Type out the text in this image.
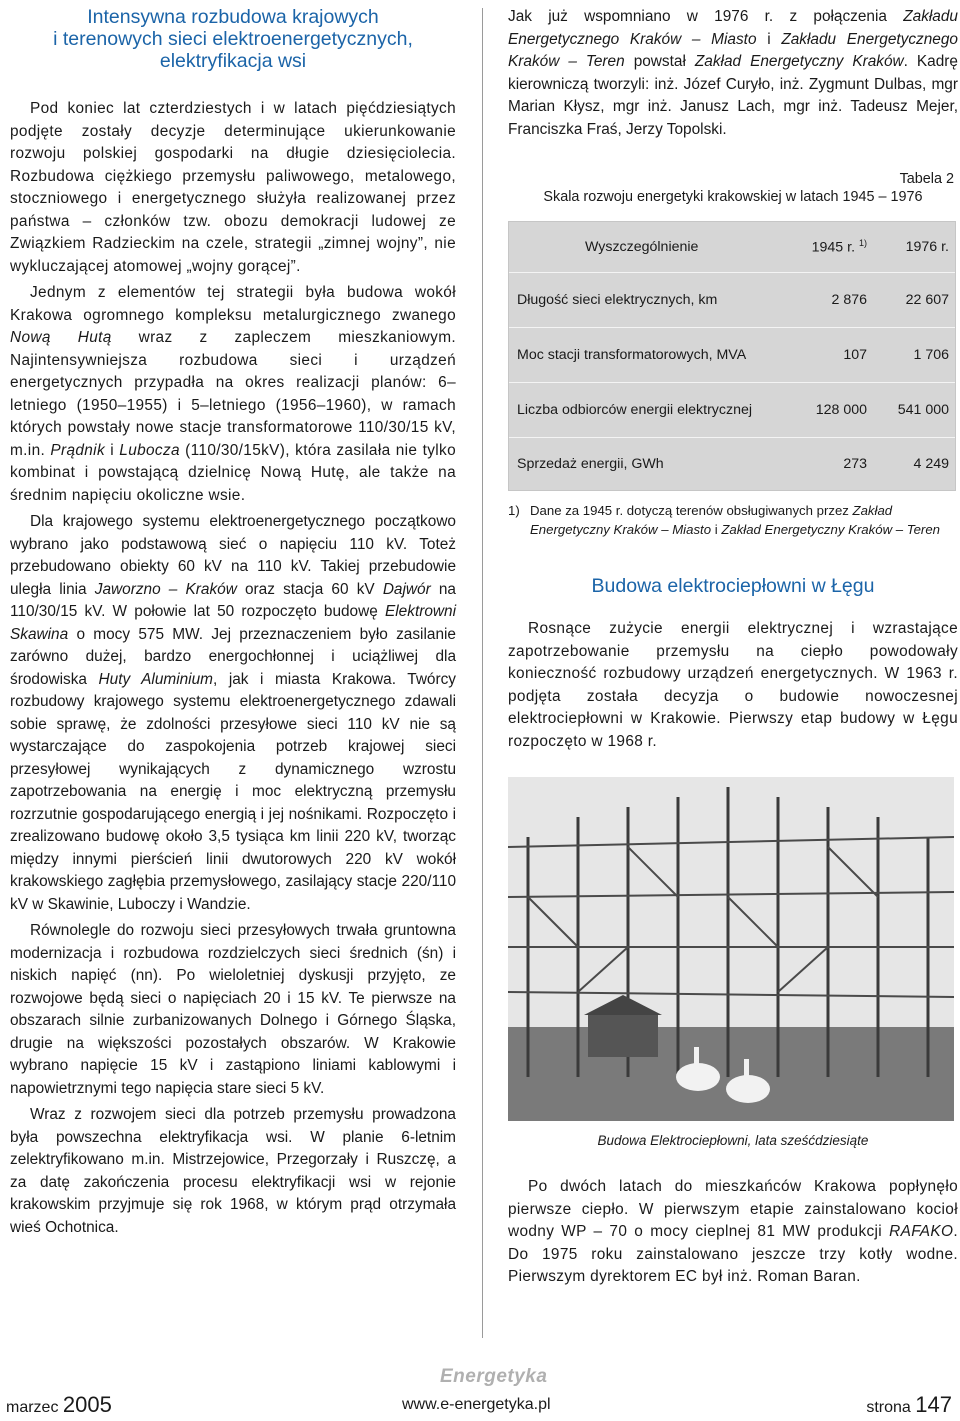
Intensywna rozbudowa krajowych
i terenowych sieci elektroenergetycznych,
elektryfikacja wsi

Pod koniec lat czterdziestych i w latach pięćdziesiątych podjęte zostały decyzje determinujące ukierunkowanie rozwoju polskiej gospodarki na długie dziesięciolecia. Rozbudowa ciężkiego przemysłu paliwowego, metalowego, stoczniowego i energetycznego służyła realizowanej przez państwa – członków tzw. obozu demokracji ludowej ze Związkiem Radzieckim na czele, strategii „zimnej wojny”, nie wykluczającej atomowej „wojny gorącej”.

Jednym z elementów tej strategii była budowa wokół Krakowa ogromnego kompleksu metalurgicznego zwanego Nową Hutą wraz z zapleczem mieszkaniowym. Najintensywniejsza rozbudowa sieci i urządzeń energetycznych przypadła na okres realizacji planów: 6–letniego (1950–1955) i 5–letniego (1956–1960), w ramach których powstały nowe stacje transformatorowe 110/30/15 kV, m.in. Prądnik i Lubocza (110/30/15kV), która zasilała nie tylko kombinat i powstającą dzielnicę Nową Hutę, ale także na średnim napięciu okoliczne wsie.

Dla krajowego systemu elektroenergetycznego początkowo wybrano jako podstawową sieć o napięciu 110 kV. Toteż przebudowano obiekty 60 kV na 110 kV. Takiej przebudowie uległa linia Jaworzno – Kraków oraz stacja 60 kV Dajwór na 110/30/15 kV. W połowie lat 50 rozpoczęto budowę Elektrowni Skawina o mocy 575 MW. Jej przeznaczeniem było zasilanie zarówno dużej, bardzo energochłonnej i uciążliwej dla środowiska Huty Aluminium, jak i miasta Krakowa. Twórcy rozbudowy krajowego systemu elektroenergetycznego zdawali sobie sprawę, że zdolności przesyłowe sieci 110 kV nie są wystarczające do zaspokojenia potrzeb krajowej sieci przesyłowej wynikających z dynamicznego wzrostu zapotrzebowania na energię i moc elektryczną przemysłu rozrzutnie gospodarującego energią i jej nośnikami. Rozpoczęto i zrealizowano budowę około 3,5 tysiąca km linii 220 kV, tworząc między innymi pierścień linii dwutorowych 220 kV wokół krakowskiego zagłębia przemysłowego, zasilający stacje 220/110 kV w Skawinie, Luboczy i Wandzie.

Równolegle do rozwoju sieci przesyłowych trwała gruntowna modernizacja i rozbudowa rozdzielczych sieci średnich (śn) i niskich napięć (nn). Po wieloletniej dyskusji przyjęto, ze rozwojowe będą sieci o napięciach 20 i 15 kV. Te pierwsze na obszarach silnie zurbanizowanych Dolnego i Górnego Śląska, drugie na większości pozostałych obszarów. W Krakowie wybrano napięcie 15 kV i zastąpiono liniami kablowymi i napowietrznymi tego napięcia stare sieci 5 kV.

Wraz z rozwojem sieci dla potrzeb przemysłu prowadzona była powszechna elektryfikacja wsi. W planie 6-letnim zelektryfikowano m.in. Mistrzejowice, Przegorzały i Ruszczę, a za datę zakończenia procesu elektryfikacji wsi w rejonie krakowskim przyjmuje się rok 1968, w którym prąd otrzymała wieś Ochotnica.

Jak już wspomniano w 1976 r. z połączenia Zakładu Energetycznego Kraków – Miasto i Zakładu Energetycznego Kraków – Teren powstał Zakład Energetyczny Kraków. Kadrę kierowniczą tworzyli: inż. Józef Curyło, inż. Zygmunt Dulbas, mgr Marian Kłysz, mgr inż. Janusz Lach, mgr inż. Tadeusz Mejer, Franciszka Fraś, Jerzy Topolski.

Tabela 2
Skala rozwoju energetyki krakowskiej w latach 1945 – 1976
Wyszczególnienie	1945 r. $^{1)}$	1976 r.
Długość sieci elektrycznych, km	2 876	22 607
Moc stacji transformatorowych, MVA	107	1 706
Liczba odbiorców energii elektrycznej	128 000	541 000
Sprzedaż energii, GWh	273	4 249

1) Dane za 1945 r. dotyczą terenów obsługiwanych przez Zakład Energetyczny Kraków – Miasto i Zakład Energetyczny Kraków – Teren

Budowa elektrociepłowni w Łęgu

Rosnące zużycie energii elektrycznej i wzrastające zapotrzebowanie przemysłu na ciepło powodowały konieczność rozbudowy urządzeń energetycznych. W 1963 r. podjęta została decyzja o budowie nowoczesnej elektrociepłowni w Krakowie. Pierwszy etap budowy w Łęgu rozpoczęto w 1968 r.

Budowa Elektrociepłowni, lata sześćdziesiąte

Po dwóch latach do mieszkańców Krakowa popłynęło pierwsze ciepło. W pierwszym etapie zainstalowano kocioł wodny WP – 70 o mocy cieplnej 81 MW produkcji RAFAKO. Do 1975 roku zainstalowano jeszcze trzy kotły wodne. Pierwszym dyrektorem EC był inż. Roman Baran.

marzec 2005
Energetyka
www.e-energetyka.pl	strona 147
